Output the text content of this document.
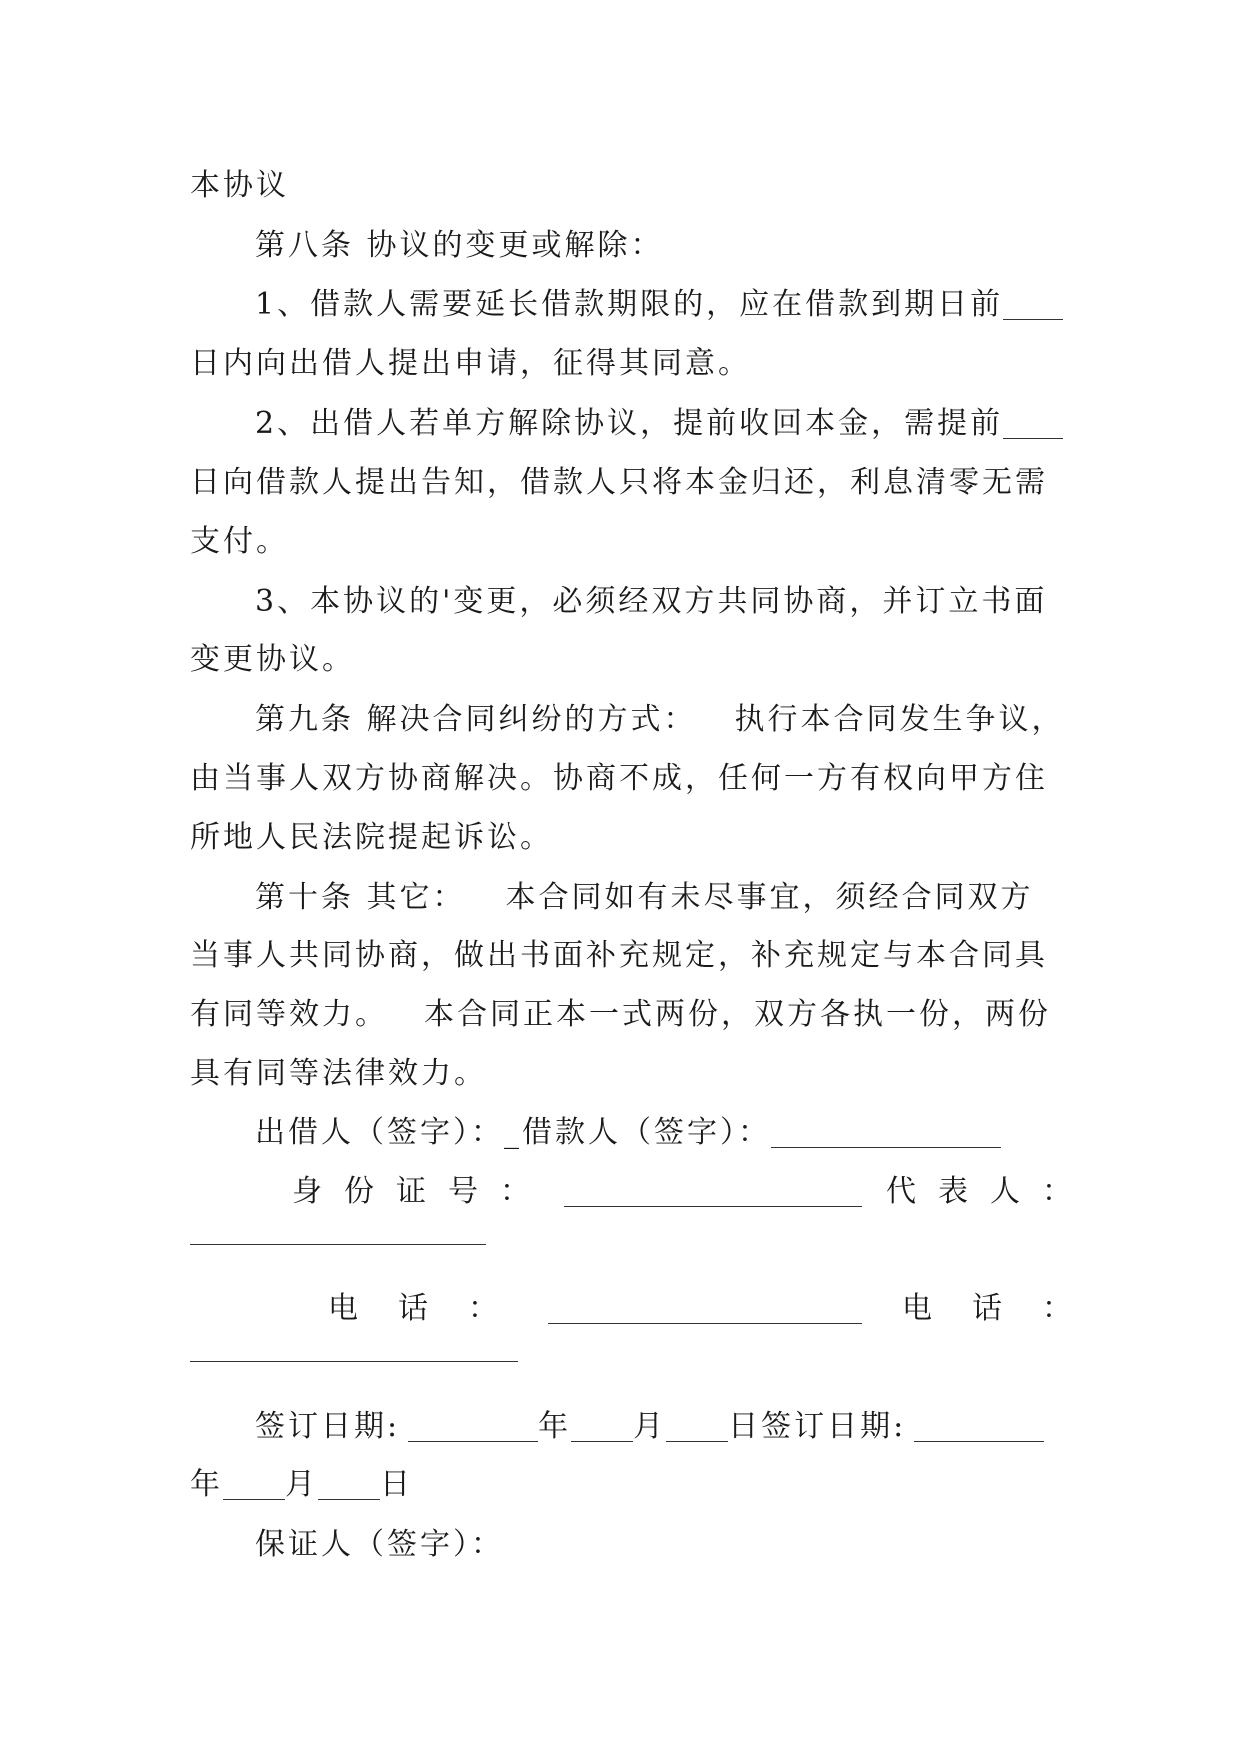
本协议
第八条 协议的变更或解除：
1、借款人需要延长借款期限的，应在借款到期日前
日内向出借人提出申请，征得其同意。
2、出借人若单方解除协议，提前收回本金，需提前
日向借款人提出告知，借款人只将本金归还，利息清零无需
支付。
3、本协议的'变更，必须经双方共同协商，并订立书面
变更协议。
第九条 解决合同纠纷的方式： 执行本合同发生争议，
由当事人双方协商解决。协商不成，任何一方有权向甲方住
所地人民法院提起诉讼。
第十条 其它： 本合同如有未尽事宜，须经合同双方
当事人共同协商，做出书面补充规定，补充规定与本合同具
有同等效力。 本合同正本一式两份，双方各执一份，两份
具有同等法律效力。
出借人（签字）：_借款人（签字）：
身份证号：	代表人：
电话：	电话：
签订日期:	年 月 日签订日期:
年 月 日
保证人（签字）：
